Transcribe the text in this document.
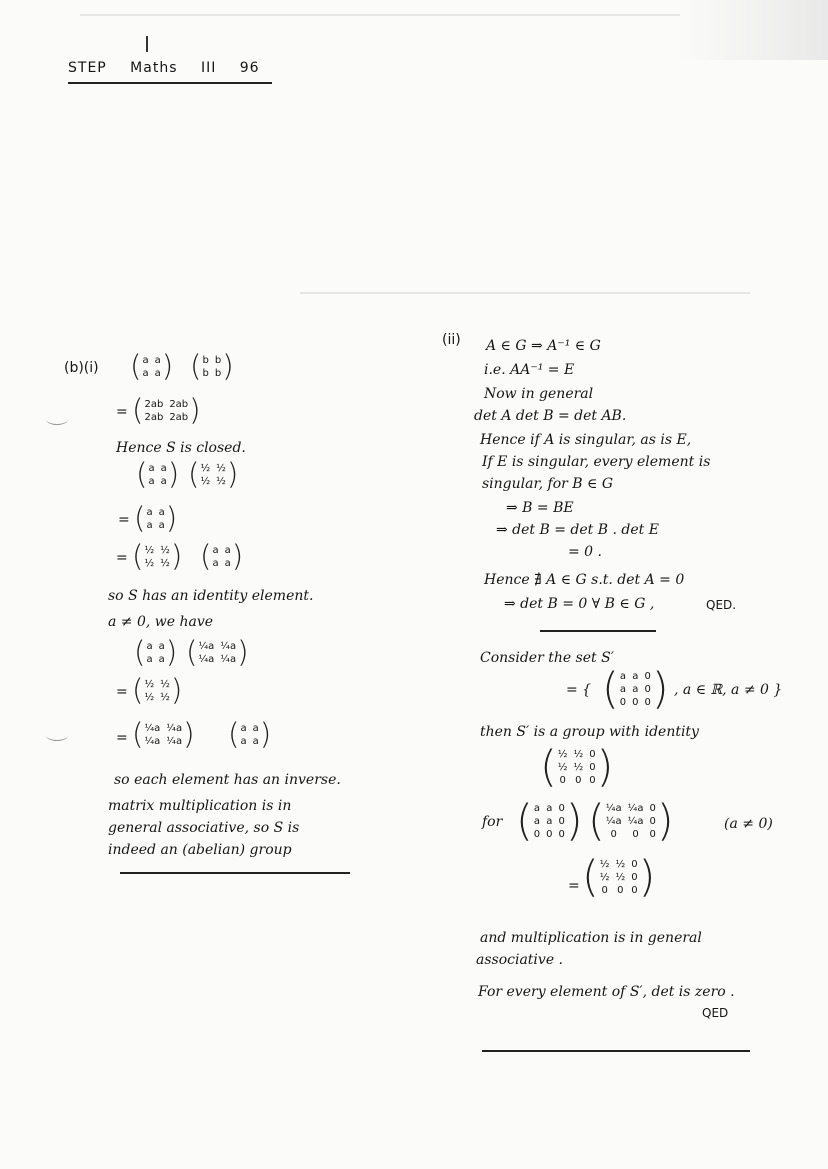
STEP Maths III 96
(b)(i) ( a a
a a ) ( b b
b b )
= ( 2ab 2ab
2ab 2ab )
Hence S is closed.
( a a
a a ) ( ½ ½
½ ½ )
= ( a a
a a )
= ( ½ ½
½ ½ ) ( a a
a a )
so S has an identity element.
a ≠ 0, we have
( a a
a a ) ( ¼a ¼a
¼a ¼a )
= ( ½ ½
½ ½ )
= ( ¼a ¼a
¼a ¼a ) ( a a
a a )
so each element has an inverse.
matrix multiplication is in
general associative, so S is
indeed an (abelian) group
(ii) A ∈ G ⇒ A⁻¹ ∈ G
i.e. AA⁻¹ = E
Now in general
det A det B = det AB.
Hence if A is singular, as is E,
If E is singular, every element is
singular, for B ∈ G
⇒ B = BE
⇒ det B = det B . det E
= 0 .
Hence ∄ A ∈ G s.t. det A = 0
⇒ det B = 0 ∀ B ∈ G ,	QED.
Consider the set S′
= { ( a a 0
a a 0
0 0 0 ) , a ∈ ℝ, a ≠ 0 }
then S′ is a group with identity
( ½ ½ 0
½ ½ 0
0 0 0 )
for ( a a 0
a a 0
0 0 0 ) ( ¼a ¼a 0
¼a ¼a 0
0	0	0 )	(a ≠ 0)
= ( ½ ½ 0
½ ½ 0
0 0 0 )
and multiplication is in general
associative .
For every element of S′, det is zero .
QED
